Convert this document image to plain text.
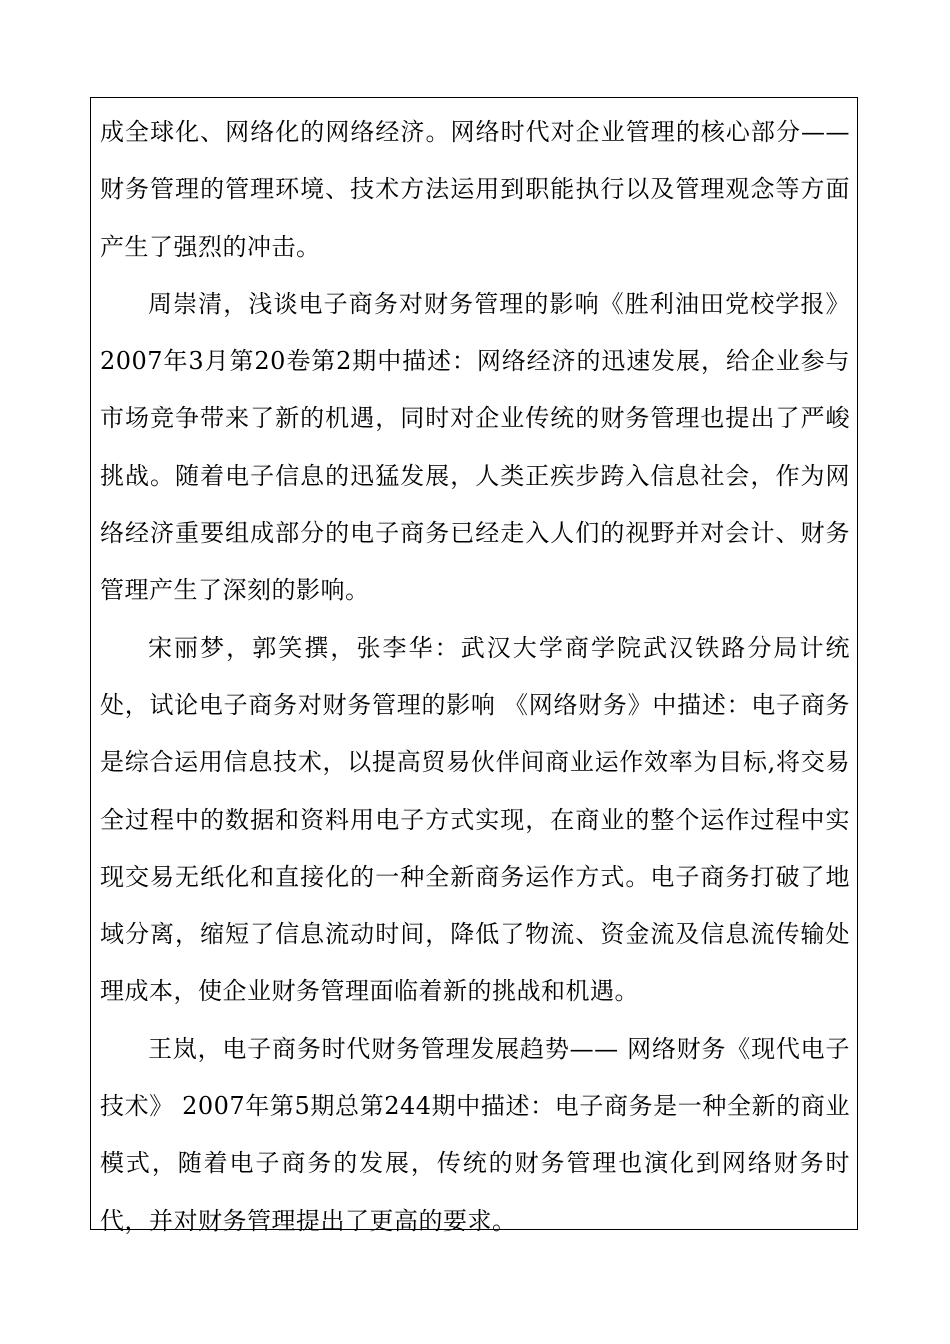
成全球化、网络化的网络经济。网络时代对企业管理的核心部分——财务管理的管理环境、技术方法运用到职能执行以及管理观念等方面产生了强烈的冲击。

周崇清，浅谈电子商务对财务管理的影响《胜利油田党校学报》2007年3月第20卷第2期中描述：网络经济的迅速发展，给企业参与市场竞争带来了新的机遇，同时对企业传统的财务管理也提出了严峻挑战。随着电子信息的迅猛发展，人类正疾步跨入信息社会，作为网络经济重要组成部分的电子商务已经走入人们的视野并对会计、财务管理产生了深刻的影响。

宋丽梦，郭笑撰，张李华：武汉大学商学院武汉铁路分局计统处，试论电子商务对财务管理的影响 《网络财务》中描述：电子商务是综合运用信息技术，以提高贸易伙伴间商业运作效率为目标,将交易全过程中的数据和资料用电子方式实现，在商业的整个运作过程中实现交易无纸化和直接化的一种全新商务运作方式。电子商务打破了地域分离，缩短了信息流动时间，降低了物流、资金流及信息流传输处理成本，使企业财务管理面临着新的挑战和机遇。

王岚，电子商务时代财务管理发展趋势—— 网络财务《现代电子技术》 2007年第5期总第244期中描述：电子商务是一种全新的商业模式，随着电子商务的发展，传统的财务管理也演化到网络财务时代，并对财务管理提出了更高的要求。
